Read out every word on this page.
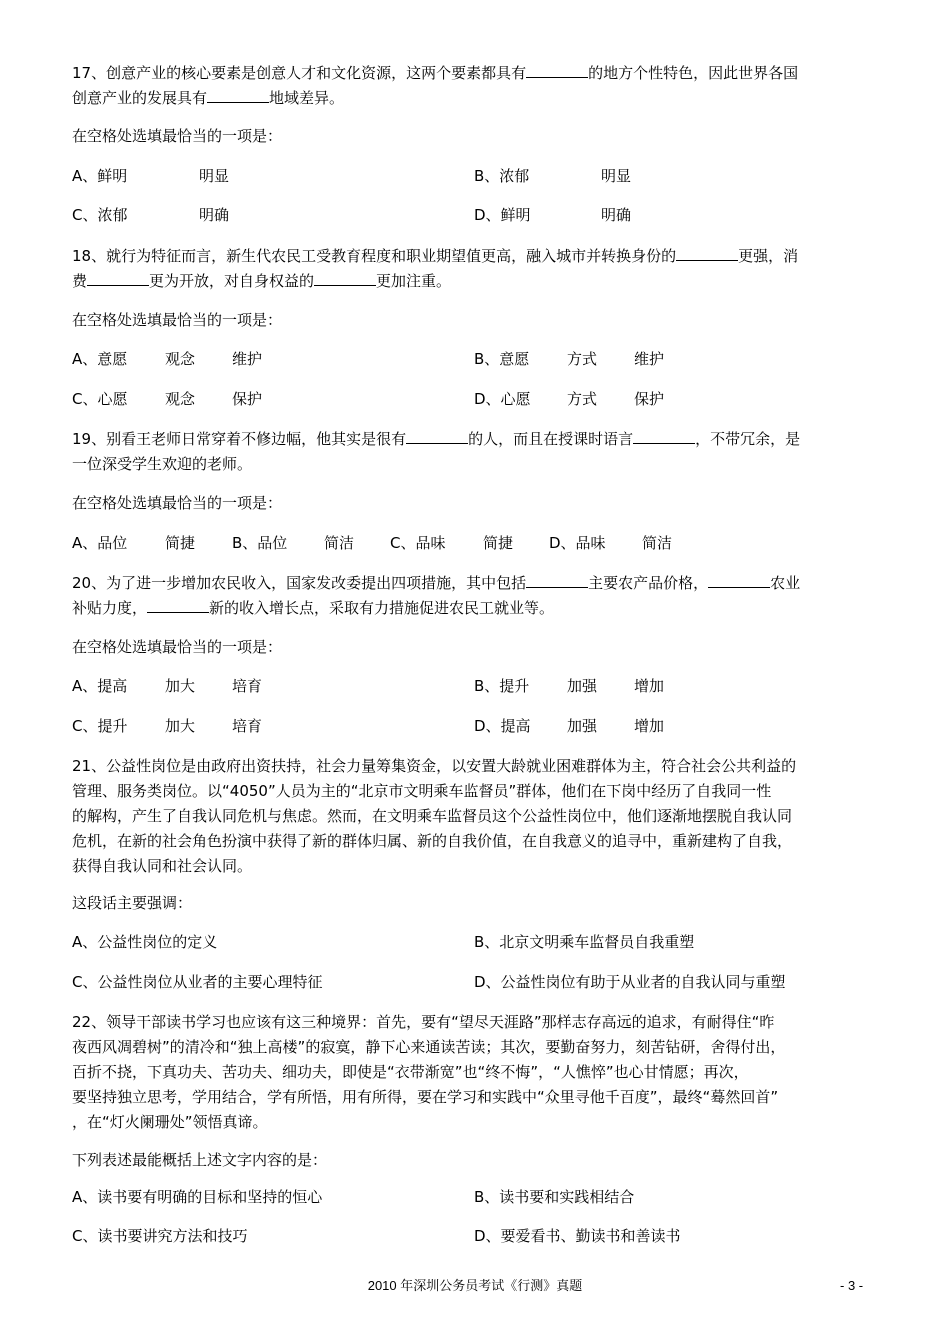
17、创意产业的核心要素是创意人才和文化资源，这两个要素都具有	的地方个性特色，因此世界各国
创意产业的发展具有	地域差异。
在空格处选填最恰当的一项是：
A、鲜明	明显	B、浓郁	明显
C、浓郁	明确	D、鲜明	明确
18、就行为特征而言，新生代农民工受教育程度和职业期望值更高，融入城市并转换身份的	更强，消
费	更为开放，对自身权益的	更加注重。
在空格处选填最恰当的一项是：
A、意愿	观念 维护	B、意愿	方式 维护
C、心愿	观念 保护	D、心愿 方式 保护
19、别看王老师日常穿着不修边幅，他其实是很有	的人，而且在授课时语言	，不带冗余，是
一位深受学生欢迎的老师。
在空格处选填最恰当的一项是：
A、品位	简捷 B、品位 简洁 C、品味	简捷 D、品味 简洁
20、为了进一步增加农民收入，国家发改委提出四项措施，其中包括	主要农产品价格，	农业
补贴力度，	新的收入增长点，采取有力措施促进农民工就业等。
在空格处选填最恰当的一项是：
A、提高	加大 培育	B、提升	加强 增加
C、提升	加大 培育	D、提高 加强 增加
21、公益性岗位是由政府出资扶持，社会力量筹集资金，以安置大龄就业困难群体为主，符合社会公共利益的
管理、服务类岗位。以“4050”人员为主的“北京市文明乘车监督员”群体，他们在下岗中经历了自我同一性
的解构，产生了自我认同危机与焦虑。然而，在文明乘车监督员这个公益性岗位中，他们逐渐地摆脱自我认同
危机，在新的社会角色扮演中获得了新的群体归属、新的自我价值，在自我意义的追寻中，重新建构了自我，
获得自我认同和社会认同。
这段话主要强调：
A、公益性岗位的定义	B、北京文明乘车监督员自我重塑
C、公益性岗位从业者的主要心理特征	D、公益性岗位有助于从业者的自我认同与重塑
22、领导干部读书学习也应该有这三种境界：首先，要有“望尽天涯路”那样志存高远的追求，有耐得住“昨
夜西风凋碧树”的清冷和“独上高楼”的寂寞，静下心来通读苦读；其次，要勤奋努力，刻苦钻研，舍得付出，
百折不挠，下真功夫、苦功夫、细功夫，即使是“衣带渐宽”也“终不悔”，“人憔悴”也心甘情愿；再次，
要坚持独立思考，学用结合，学有所悟，用有所得，要在学习和实践中“众里寻他千百度”，最终“蓦然回首”
，在“灯火阑珊处”领悟真谛。
下列表述最能概括上述文字内容的是：
A、读书要有明确的目标和坚持的恒心	B、读书要和实践相结合
C、读书要讲究方法和技巧	D、要爱看书、勤读书和善读书
2010 年深圳公务员考试《行测》真题	- 3 -
